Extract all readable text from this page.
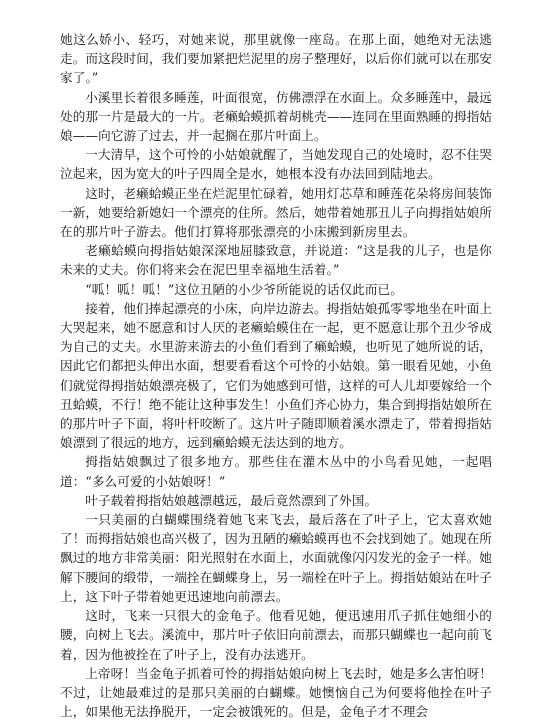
她这么娇小、轻巧，对她来说，那里就像一座岛。在那上面，她绝对无法逃走。而这段时间，我们要加紧把烂泥里的房子整理好，以后你们就可以在那安家了。”

小溪里长着很多睡莲，叶面很宽，仿佛漂浮在水面上。众多睡莲中，最远处的那一片是最大的一片。老癞蛤蟆抓着胡桃壳——连同在里面熟睡的拇指姑娘——向它游了过去，并一起搁在那片叶面上。

一大清早，这个可怜的小姑娘就醒了，当她发现自己的处境时，忍不住哭泣起来，因为宽大的叶子四周全是水，她根本没有办法回到陆地去。

这时，老癞蛤蟆正坐在烂泥里忙碌着，她用灯芯草和睡莲花朵将房间装饰一新，她要给新媳妇一个漂亮的住所。然后，她带着她那丑儿子向拇指姑娘所在的那片叶子游去。他们打算将那张漂亮的小床搬到新房里去。

老癞蛤蟆向拇指姑娘深深地屈膝致意，并说道：“这是我的儿子，也是你未来的丈夫。你们将来会在泥巴里幸福地生活着。”

“呱！呱！呱！”这位丑陋的小少爷所能说的话仅此而已。

接着，他们捧起漂亮的小床，向岸边游去。拇指姑娘孤零零地坐在叶面上大哭起来，她不愿意和讨人厌的老癞蛤蟆住在一起，更不愿意让那个丑少爷成为自己的丈夫。水里游来游去的小鱼们看到了癞蛤蟆，也听见了她所说的话，因此它们都把头伸出水面，想要看看这个可怜的小姑娘。第一眼看见她，小鱼们就觉得拇指姑娘漂亮极了，它们为她感到可惜，这样的可人儿却要嫁给一个丑蛤蟆，不行！绝不能让这种事发生！小鱼们齐心协力，集合到拇指姑娘所在的那片叶子下面，将叶杆咬断了。这片叶子随即顺着溪水漂走了，带着拇指姑娘漂到了很远的地方，远到癞蛤蟆无法达到的地方。

拇指姑娘飘过了很多地方。那些住在灌木丛中的小鸟看见她，一起唱道：“多么可爱的小姑娘呀！”

叶子载着拇指姑娘越漂越远，最后竟然漂到了外国。

一只美丽的白蝴蝶围绕着她飞来飞去，最后落在了叶子上，它太喜欢她了！而拇指姑娘也高兴极了，因为丑陋的癞蛤蟆再也不会找到她了。她现在所飘过的地方非常美丽：阳光照射在水面上，水面就像闪闪发光的金子一样。她解下腰间的缎带，一端拴在蝴蝶身上，另一端栓在叶子上。拇指姑娘站在叶子上，这下叶子带着她更迅速地向前漂去。

这时，飞来一只很大的金龟子。他看见她，便迅速用爪子抓住她细小的腰，向树上飞去。溪流中，那片叶子依旧向前漂去，而那只蝴蝶也一起向前飞着，因为他被拴在了叶子上，没有办法逃开。

上帝呀！当金龟子抓着可怜的拇指姑娘向树上飞去时，她是多么害怕呀！不过，让她最难过的是那只美丽的白蝴蝶。她懊恼自己为何要将他拴在叶子上，如果他无法挣脱开，一定会被饿死的。但是，金龟子才不理会
